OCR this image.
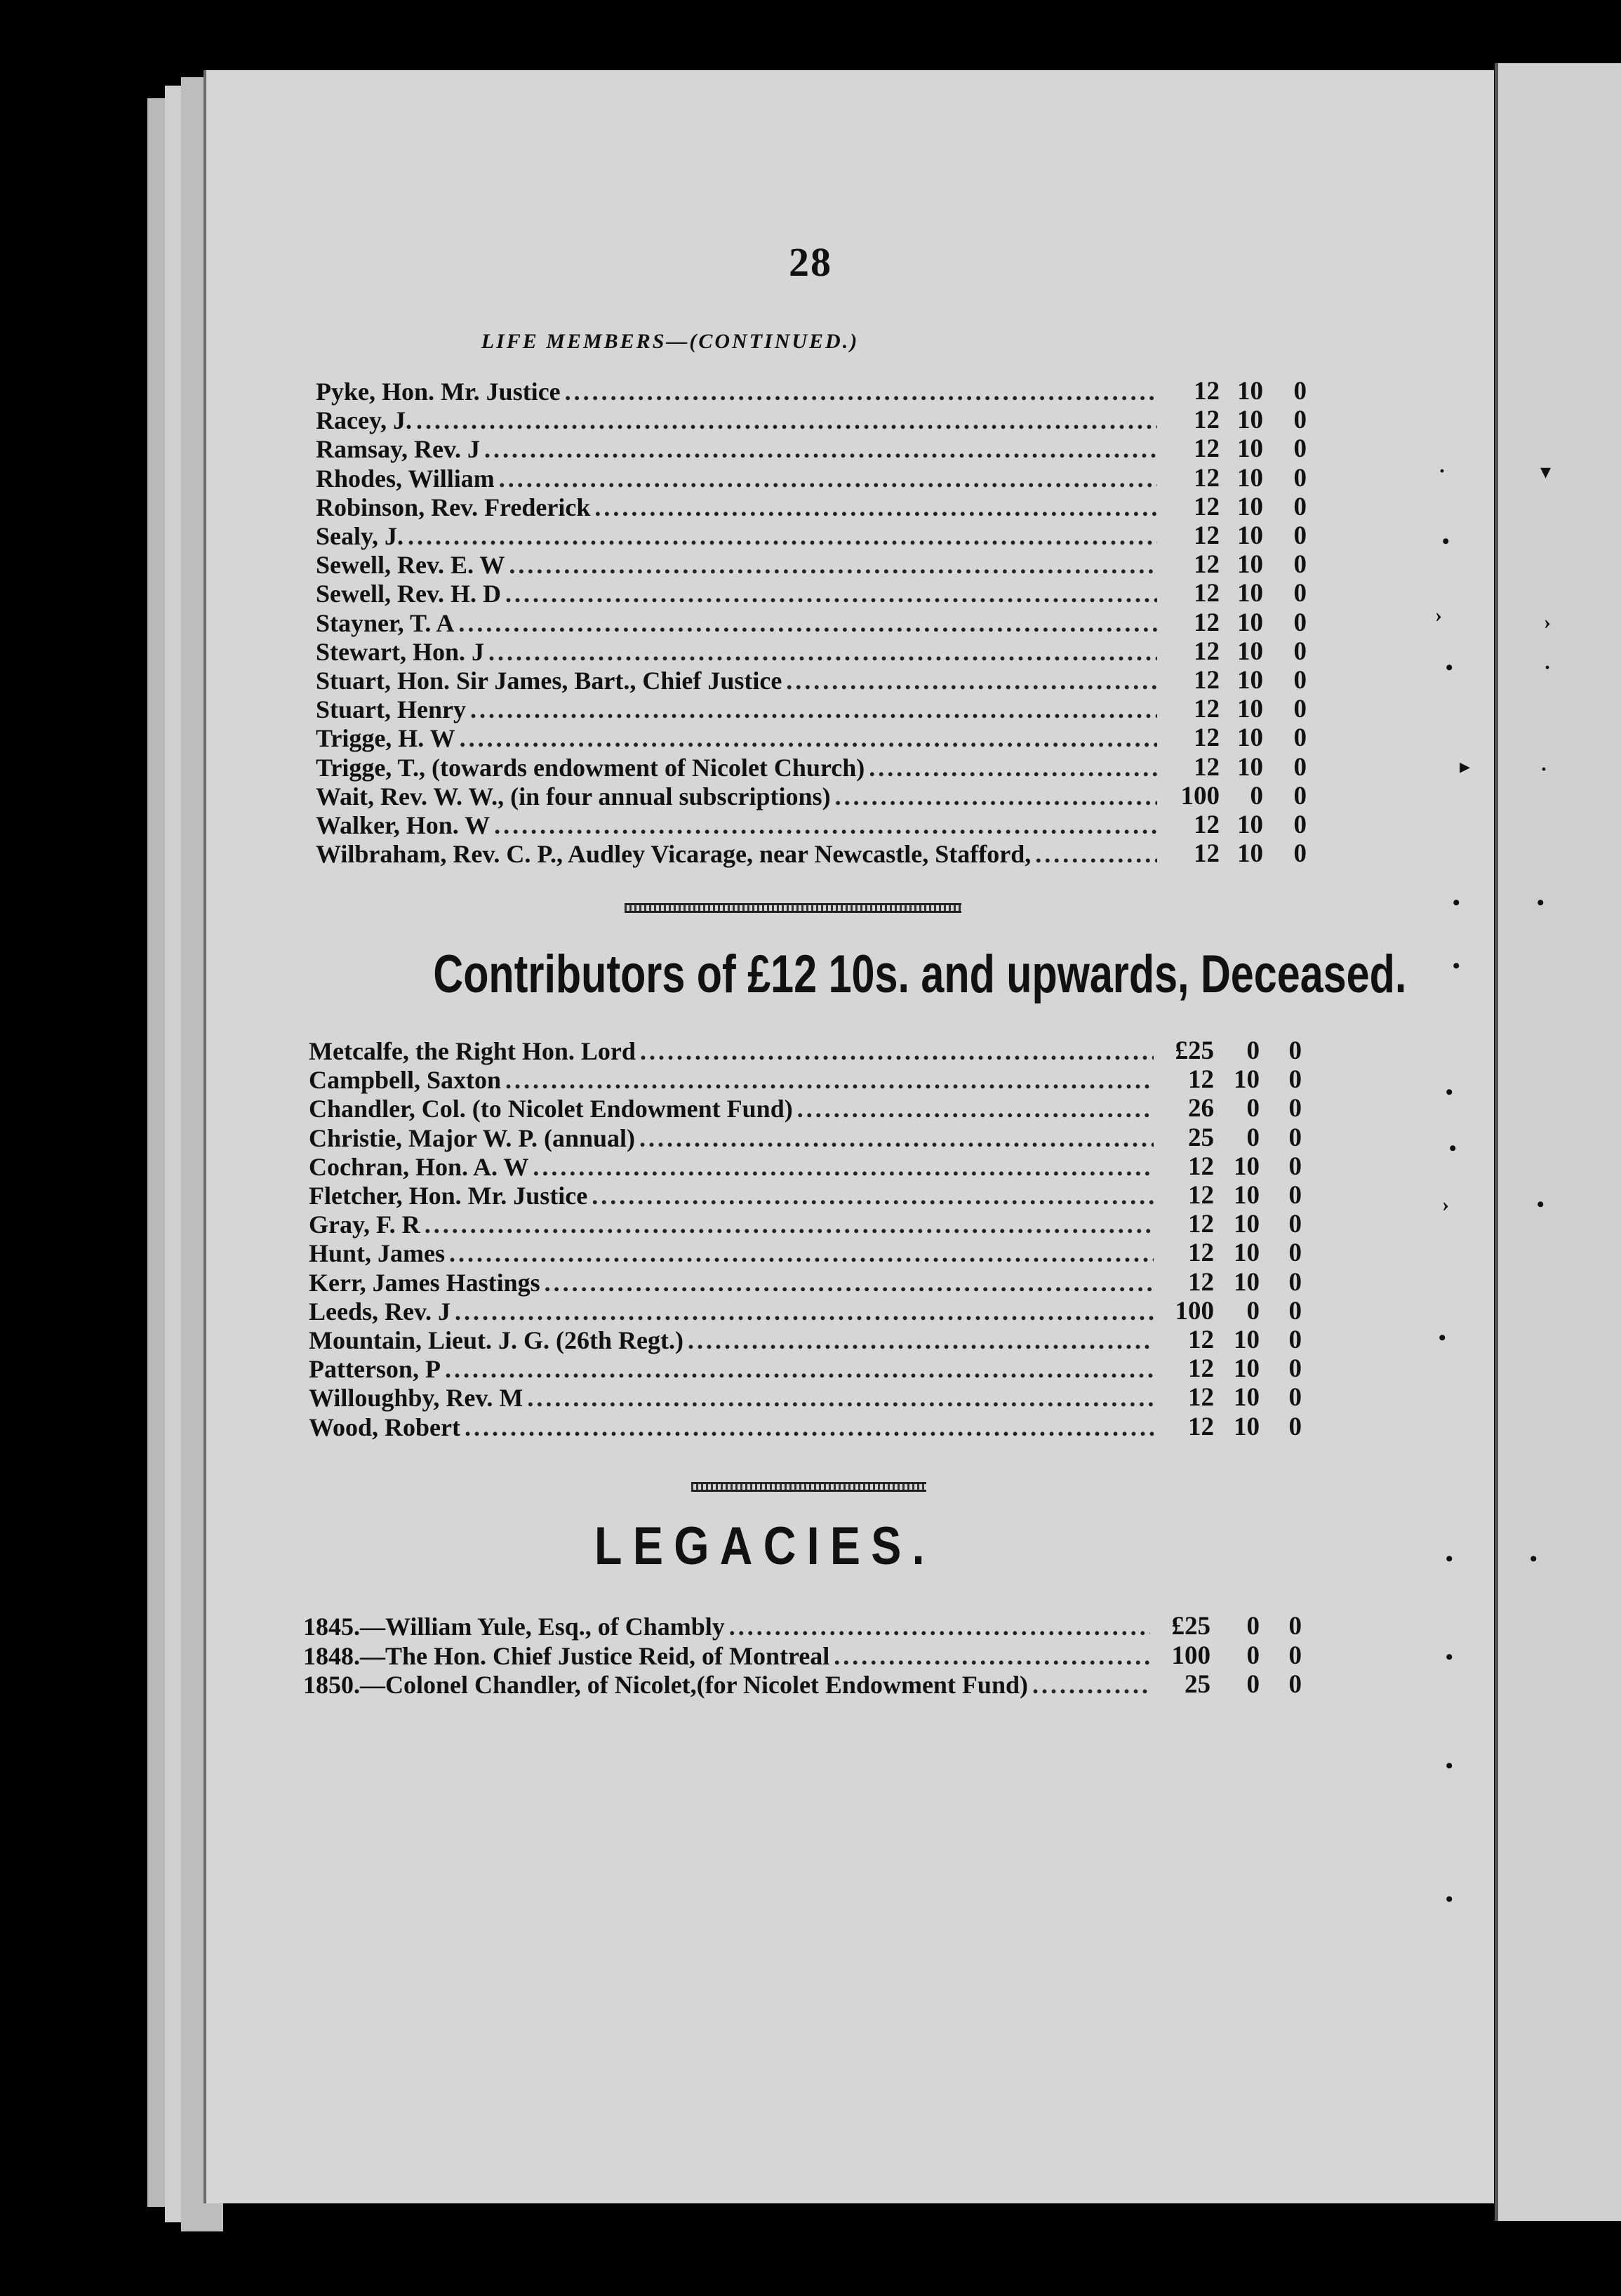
·	▾
•
›	›
•	·
▸	·
•	•
•
•
•
›	•
•
•	•
•
•
•
28
LIFE MEMBERS—(CONTINUED.)
Pyke, Hon. Mr. Justice .....	12 10	0
Racey, J. .....	12 10	0
Ramsay, Rev. J .....	12 10	0
Rhodes, William .....	12 10	0
Robinson, Rev. Frederick .....	12 10	0
Sealy, J. .....	12 10	0
Sewell, Rev. E. W .....	12 10	0
Sewell, Rev. H. D .....	12 10	0
Stayner, T. A .....	12 10	0
Stewart, Hon. J .....	12 10	0
Stuart, Hon. Sir James, Bart., Chief Justice .....	12 10	0
Stuart, Henry .....	12 10	0
Trigge, H. W .....	12 10	0
Trigge, T., (towards endowment of Nicolet Church) .....	12 10	0
Wait, Rev. W. W., (in four annual subscriptions) .....	100	0	0
Walker, Hon. W .....	12 10	0
Wilbraham, Rev. C. P., Audley Vicarage, near Newcastle, Stafford, .....	12 10	0
Contributors of £12 10s. and upwards, Deceased.
Metcalfe, the Right Hon. Lord .....	£25	0	0
Campbell, Saxton .....	12 10	0
Chandler, Col. (to Nicolet Endowment Fund) .....	26	0	0
Christie, Major W. P. (annual) .....	25	0	0
Cochran, Hon. A. W .....	12 10	0
Fletcher, Hon. Mr. Justice .....	12 10	0
Gray, F. R .....	12 10	0
Hunt, James .....	12 10	0
Kerr, James Hastings .....	12 10	0
Leeds, Rev. J .....	100	0	0
Mountain, Lieut. J. G. (26th Regt.) .....	12 10	0
Patterson, P .....	12 10	0
Willoughby, Rev. M .....	12 10	0
Wood, Robert .....	12 10	0
LEGACIES.
1845.—William Yule, Esq., of Chambly .....	£25	0	0
1848.—The Hon. Chief Justice Reid, of Montreal .....	100	0	0
1850.—Colonel Chandler, of Nicolet,(for Nicolet Endowment Fund) .....	25	0	0
